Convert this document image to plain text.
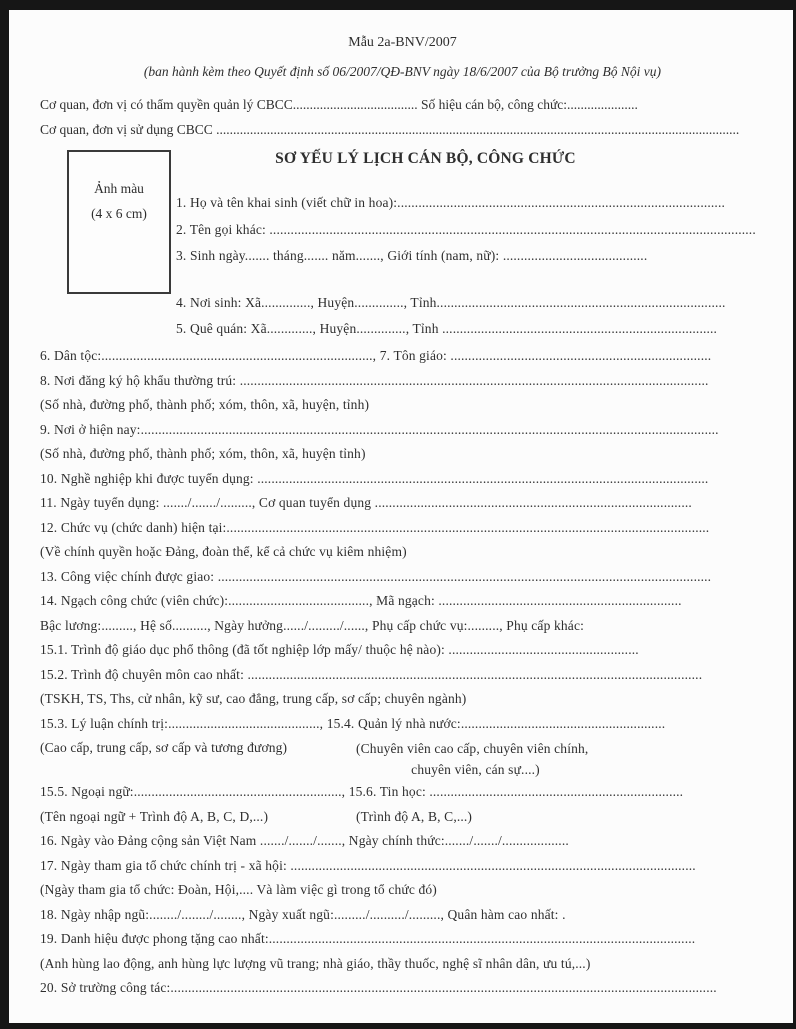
Mẫu 2a-BNV/2007
(ban hành kèm theo Quyết định số 06/2007/QĐ-BNV ngày 18/6/2007 của Bộ trưởng Bộ Nội vụ)

Cơ quan, đơn vị có thẩm quyền quản lý CBCC..................................... Số hiệu cán bộ, công chức:.....................

Cơ quan, đơn vị sử dụng CBCC ...........................................................................................................................................................

Ảnh màu
(4 x 6 cm)
SƠ YẾU LÝ LỊCH CÁN BỘ, CÔNG CHỨC

1. Họ và tên khai sinh (viết chữ in hoa):.............................................................................................

2. Tên gọi khác: ..........................................................................................................................................

3. Sinh ngày....... tháng....... năm......., Giới tính (nam, nữ): .........................................

4. Nơi sinh: Xã.............., Huyện.............., Tỉnh..................................................................................

5. Quê quán: Xã............., Huyện.............., Tỉnh ..............................................................................

6. Dân tộc:............................................................................., 7. Tôn giáo: ..........................................................................

8. Nơi đăng ký hộ khẩu thường trú: .....................................................................................................................................

(Số nhà, đường phố, thành phố; xóm, thôn, xã, huyện, tỉnh)

9. Nơi ở hiện nay:....................................................................................................................................................................

(Số nhà, đường phố, thành phố; xóm, thôn, xã, huyện tỉnh)

10. Nghề nghiệp khi được tuyển dụng: ................................................................................................................................

11. Ngày tuyển dụng: ......./......./........., Cơ quan tuyển dụng ..........................................................................................

12. Chức vụ (chức danh) hiện tại:.........................................................................................................................................

(Về chính quyền hoặc Đảng, đoàn thể, kể cả chức vụ kiêm nhiệm)

13. Công việc chính được giao: ............................................................................................................................................

14. Ngạch công chức (viên chức):........................................, Mã ngạch: .....................................................................

Bậc lương:........., Hệ số.........., Ngày hưởng....../........./......, Phụ cấp chức vụ:........., Phụ cấp khác:

15.1. Trình độ giáo dục phổ thông (đã tốt nghiệp lớp mấy/ thuộc hệ nào): ......................................................

15.2. Trình độ chuyên môn cao nhất: .................................................................................................................................

(TSKH, TS, Ths, cử nhân, kỹ sư, cao đẳng, trung cấp, sơ cấp; chuyên ngành)

15.3. Lý luận chính trị:..........................................., 15.4. Quản lý nhà nước:..........................................................

(Cao cấp, trung cấp, sơ cấp và tương đương)	(Chuyên viên cao cấp, chuyên viên chính,
chuyên viên, cán sự....)

15.5. Ngoại ngữ:..........................................................., 15.6. Tin học: ........................................................................

(Tên ngoại ngữ + Trình độ A, B, C, D,...)	(Trình độ A, B, C,...)

16. Ngày vào Đảng cộng sản Việt Nam ......./......./......., Ngày chính thức:......./......./...................

17. Ngày tham gia tổ chức chính trị - xã hội: ...................................................................................................................

(Ngày tham gia tổ chức: Đoàn, Hội,.... Và làm việc gì trong tổ chức đó)

18. Ngày nhập ngũ:......../......../........, Ngày xuất ngũ:........./........../........., Quân hàm cao nhất: .

19. Danh hiệu được phong tặng cao nhất:.........................................................................................................................

(Anh hùng lao động, anh hùng lực lượng vũ trang; nhà giáo, thầy thuốc, nghệ sĩ nhân dân, ưu tú,...)

20. Sở trường công tác:...........................................................................................................................................................
